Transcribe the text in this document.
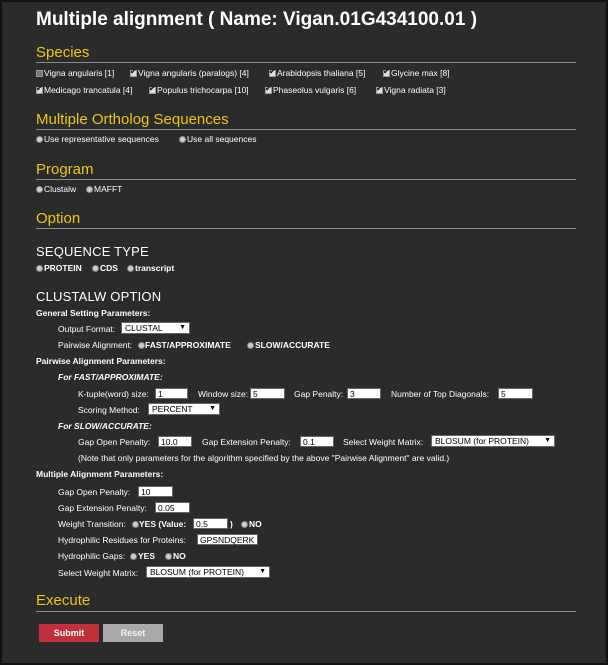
Multiple alignment ( Name: Vigan.01G434100.01 )
Species
Vigna angularis [1] ✔	Vigna angularis (paralogs) [4] ✔	Arabidopsis thaliana [5] ✔	Glycine max [8]
✔
Medicago trancatula [4] ✔	Populus trichocarpa [10] ✔	Phaseolus vulgaris [6] ✔	Vigna radiata [3]
Multiple Ortholog Sequences
Use representative sequences	Use all sequences
Program
Clustalw MAFFT
Option
SEQUENCE TYPE
PROTEIN CDS transcript
CLUSTALW OPTION
General Setting Parameters:
Output Format:	CLUSTAL ▼
Pairwise Alignment: FAST/APPROXIMATE	SLOW/ACCURATE
Pairwise Alignment Parameters:
For FAST/APPROXIMATE:
K-tuple(word) size:	1	Window size: 5	Gap Penalty: 3	Number of Top Diagonals:	5
Scoring Method:	PERCENT ▼
For SLOW/ACCURATE:
Gap Open Penalty:	10.0	Gap Extension Penalty:	0.1	Select Weight Matrix:	BLOSUM (for PROTEIN) ▼
(Note that only parameters for the algorithm specified by the above "Pairwise Alignment" are valid.)
Multiple Alignment Parameters:
Gap Open Penalty:	10
Gap Extension Penalty:	0.05
Weight Transition: YES (Value:	0.5	) NO
Hydrophilic Residues for Proteins:	GPSNDQERK
Hydrophilic Gaps: YES NO
Select Weight Matrix:	BLOSUM (for PROTEIN) ▼
Execute
Submit	Reset
